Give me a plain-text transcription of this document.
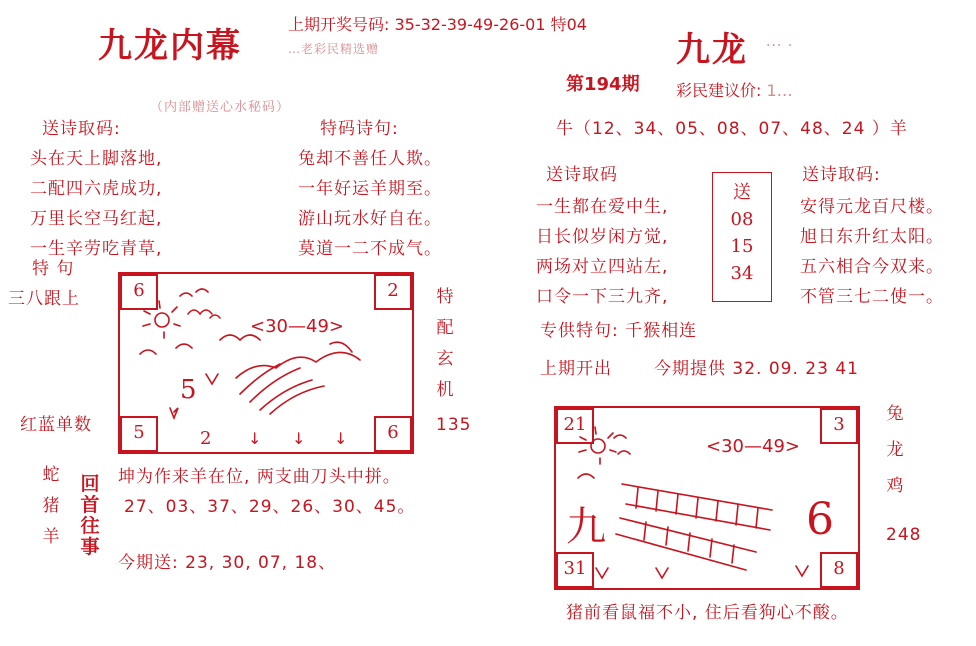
九龙内幕	…老彩民精选赠
上期开奖号码: 35-32-39-49-26-01 特04
（内部赠送心水秘码）
送诗取码:
头在天上脚落地,
二配四六虎成功,
万里长空马红起,
一生辛劳吃青草,
特码诗句:
兔却不善任人欺。
一年好运羊期至。
游山玩水好自在。
莫道一二不成气。
特 句
三八跟上
红蓝单数
特配玄机
135
6	2
5	6
5
<30—49>
2 ↓ ↓ ↓
蛇
猪
羊
回首往事
坤为作来羊在位, 两支曲刀头中拼。
27、03、37、29、26、30、45。
今期送: 23, 30, 07, 18、
九龙 ··· ·
第194期 彩民建议价: 1…
牛（12、34、05、08、07、48、24 ）羊
送诗取码
一生都在爱中生,
日长似岁闲方觉,
两场对立四站左,
口令一下三九齐,
送
08
15
34
送诗取码:
安得元龙百尺楼。
旭日东升红太阳。
五六相合今双来。
不管三七二使一。
专供特句: 千猴相连
上期开出 今期提供 32. 09. 23 41
21	3
31	8
九	6
<30—49>
兔
龙
鸡
248
猪前看鼠福不小, 住后看狗心不酸。
